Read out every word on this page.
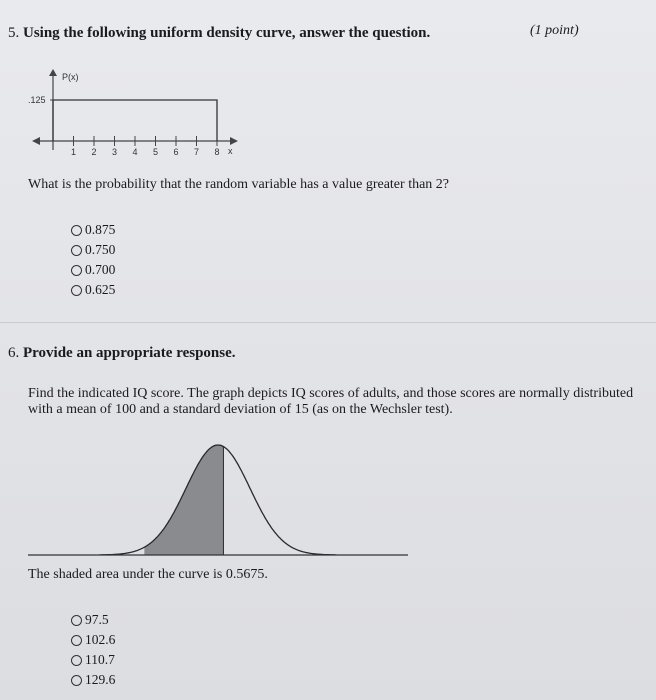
5. Using the following uniform density curve, answer the question.	(1 point)
P(x)
.125
1 2 3 4 5 6 7 8 x
What is the probability that the random variable has a value greater than 2?
0.875
0.750
0.700
0.625
6. Provide an appropriate response.
Find the indicated IQ score. The graph depicts IQ scores of adults, and those scores are normally distributed with a mean of 100 and a standard deviation of 15 (as on the Wechsler test).
The shaded area under the curve is 0.5675.
97.5
102.6
110.7
129.6
